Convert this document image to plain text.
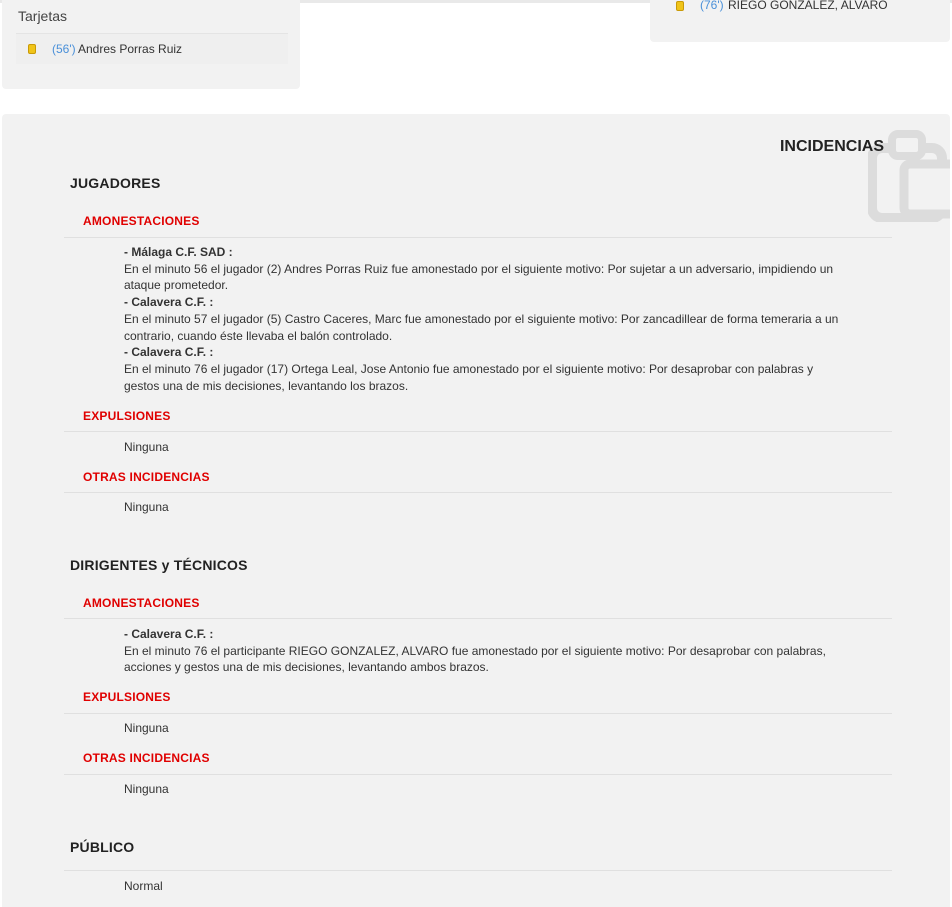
Tarjetas
(56') Andres Porras Ruiz
(76') RIEGO GONZALEZ, ALVARO
INCIDENCIAS
JUGADORES
AMONESTACIONES
- Málaga C.F. SAD :
En el minuto 56 el jugador (2) Andres Porras Ruiz fue amonestado por el siguiente motivo: Por sujetar a un adversario, impidiendo un ataque prometedor.
- Calavera C.F. :
En el minuto 57 el jugador (5) Castro Caceres, Marc fue amonestado por el siguiente motivo: Por zancadillear de forma temeraria a un contrario, cuando éste llevaba el balón controlado.
- Calavera C.F. :
En el minuto 76 el jugador (17) Ortega Leal, Jose Antonio fue amonestado por el siguiente motivo: Por desaprobar con palabras y gestos una de mis decisiones, levantando los brazos.
EXPULSIONES
Ninguna
OTRAS INCIDENCIAS
Ninguna
DIRIGENTES y TÉCNICOS
AMONESTACIONES
- Calavera C.F. :
En el minuto 76 el participante RIEGO GONZALEZ, ALVARO fue amonestado por el siguiente motivo: Por desaprobar con palabras, acciones y gestos una de mis decisiones, levantando ambos brazos.
EXPULSIONES
Ninguna
OTRAS INCIDENCIAS
Ninguna
PÚBLICO
Normal
